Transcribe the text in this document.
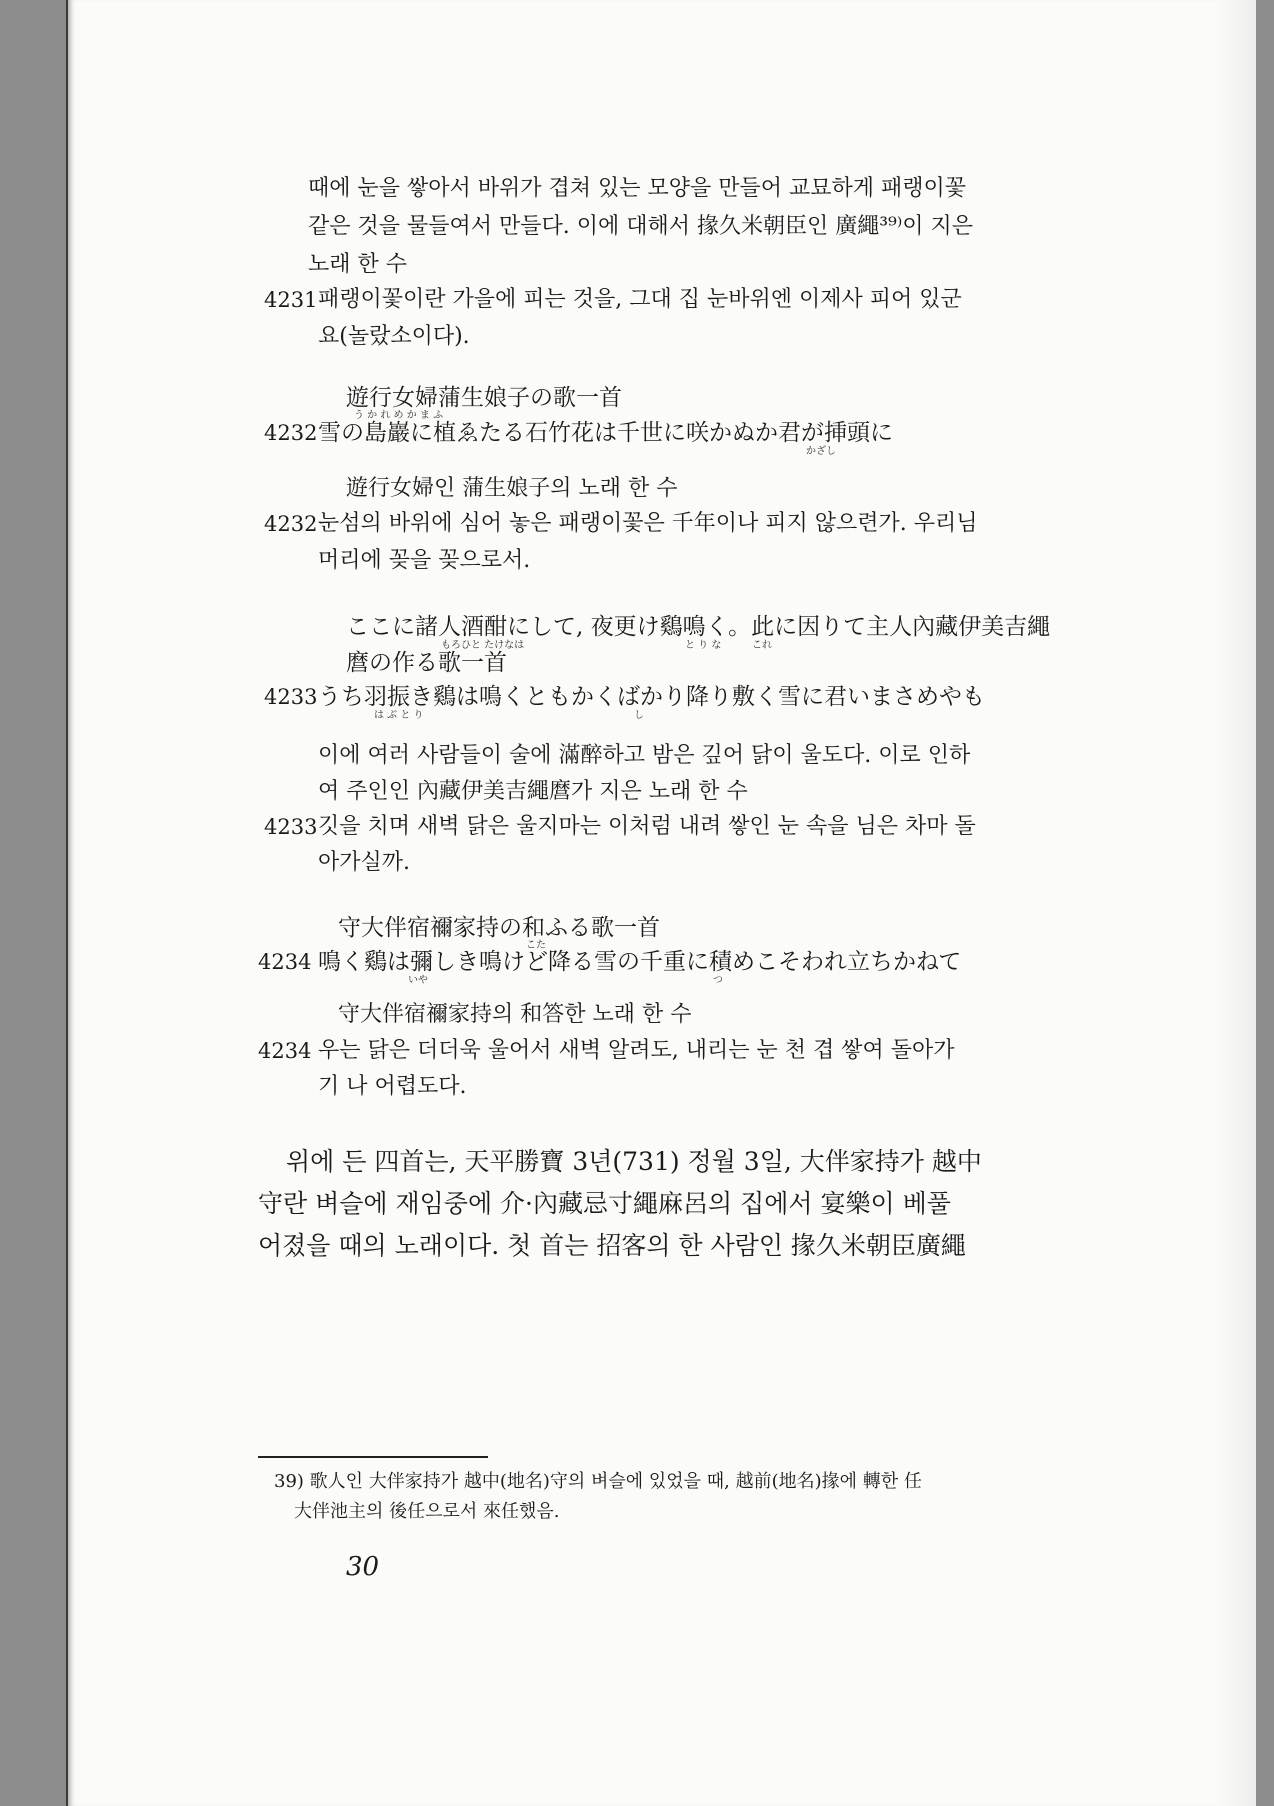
때에 눈을 쌓아서 바위가 겹쳐 있는 모양을 만들어 교묘하게 패랭이꽃
같은 것을 물들여서 만들다. 이에 대해서 掾久米朝臣인 廣繩³⁹⁾이 지은
노래 한 수
4231 패랭이꽃이란 가을에 피는 것을, 그대 집 눈바위엔 이제사 피어 있군
요(놀랐소이다).
遊行女婦蒲生娘子の歌一首
う か れ め か ま ふ
4232 雪の島巖に植ゑたる石竹花は千世に咲かぬか君が挿頭に
かざし
遊行女婦인 蒲生娘子의 노래 한 수
4232 눈섬의 바위에 심어 놓은 패랭이꽃은 千年이나 피지 않으련가. 우리님
머리에 꽂을 꽂으로서.
ここに諸人酒酣にして, 夜更け鷄鳴く。此に因りて主人內藏伊美吉繩
もろひと たけなは	と り な	これ
麿の作る歌一首
4233 うち羽振き鷄は鳴くともかくばかり降り敷く雪に君いまさめやも
は ぶ と り	し
이에 여러 사람들이 술에 滿醉하고 밤은 깊어 닭이 울도다. 이로 인하
여 주인인 內藏伊美吉繩麿가 지은 노래 한 수
4233 깃을 치며 새벽 닭은 울지마는 이처럼 내려 쌓인 눈 속을 님은 차마 돌
아가실까.
守大伴宿禰家持の和ふる歌一首
こた
4234 鳴く鷄は彌しき鳴けど降る雪の千重に積めこそわれ立ちかねて
いや	つ
守大伴宿禰家持의 和答한 노래 한 수
4234 우는 닭은 더더욱 울어서 새벽 알려도, 내리는 눈 천 겹 쌓여 돌아가
기 나 어렵도다.
위에 든 四首는, 天平勝寶 3년(731) 정월 3일, 大伴家持가 越中
守란 벼슬에 재임중에 介·內藏忌寸繩麻呂의 집에서 宴樂이 베풀
어졌을 때의 노래이다. 첫 首는 招客의 한 사람인 掾久米朝臣廣繩
39) 歌人인 大伴家持가 越中(地名)守의 벼슬에 있었을 때, 越前(地名)掾에 轉한 任
大伴池主의 後任으로서 來任했음.
30
